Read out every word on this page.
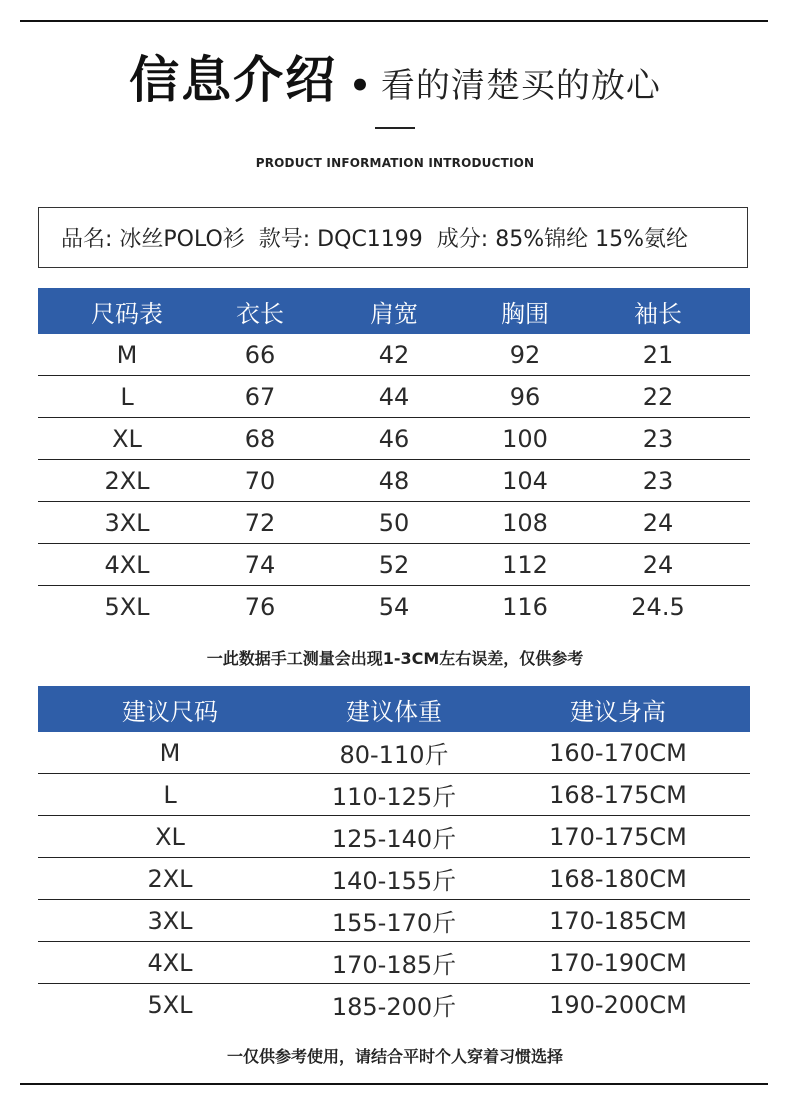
信息介绍 • 看的清楚买的放心
PRODUCT INFORMATION INTRODUCTION
品名: 冰丝POLO衫 款号: DQC1199 成分: 85%锦纶 15%氨纶
尺码表	衣长	肩宽	胸围	袖长
M	66	42	92	21
L	67	44	96	22
XL	68	46	100	23
2XL	70	48	104	23
3XL	72	50	108	24
4XL	74	52	112	24
5XL	76	54	116	24.5
一此数据手工测量会出现1-3CM左右误差，仅供参考
建议尺码	建议体重	建议身高
M	80-110斤	160-170CM
L	110-125斤	168-175CM
XL	125-140斤	170-175CM
2XL	140-155斤	168-180CM
3XL	155-170斤	170-185CM
4XL	170-185斤	170-190CM
5XL	185-200斤	190-200CM
一仅供参考使用，请结合平时个人穿着习惯选择
